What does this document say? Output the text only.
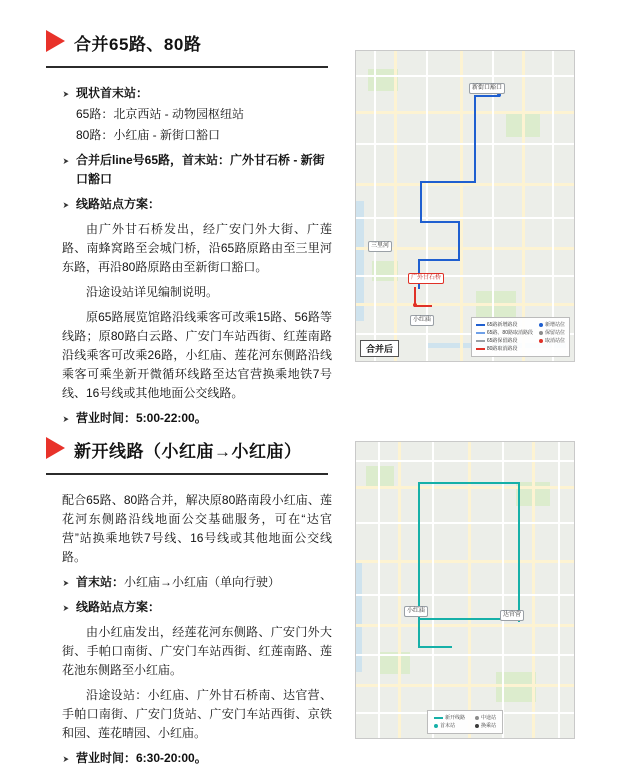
合并65路、80路
➤ 现状首末站：
65路：北京西站 - 动物园枢纽站
80路：小红庙 - 新街口豁口
➤ 合并后line号65路，首末站：广外甘石桥 - 新街口豁口
➤ 线路站点方案：
由广外甘石桥发出，经广安门外大街、广莲路、南蜂窝路至会城门桥，沿65路原路由至三里河东路，再沿80路原路由至新街口豁口。
沿途设站详见编制说明。
原65路展览馆路沿线乘客可改乘15路、56路等线路；原80路白云路、广安门车站西街、红莲南路沿线乘客可改乘26路，小红庙、莲花河东侧路沿线乘客可乘坐新开微循环线路至达官营换乘地铁7号线、16号线或其他地面公交线路。
➤ 营业时间：5:00-22:00。
新街口豁口
广外甘石桥
小红庙
三里河
65路新增路段	新增站位
65路、80路取消路段 保留站位
65路保留路段	取消站位
80路取消路段
合并后
新开线路（小红庙→小红庙）
配合65路、80路合并，解决原80路南段小红庙、莲花河东侧路沿线地面公交基础服务，可在“达官营”站换乘地铁7号线、16号线或其他地面公交线路。
➤ 首末站：小红庙→小红庙（单向行驶）
➤ 线路站点方案：
由小红庙发出，经莲花河东侧路、广安门外大街、手帕口南街、广安门车站西街、红莲南路、莲花池东侧路至小红庙。
沿途设站：小红庙、广外甘石桥南、达官营、手帕口南街、广安门货站、广安门车站西街、京铁和园、莲花晴园、小红庙。
➤ 营业时间：6:30-20:00。
小红庙
达官营
新开线路	中途站
首末站	换乘站
